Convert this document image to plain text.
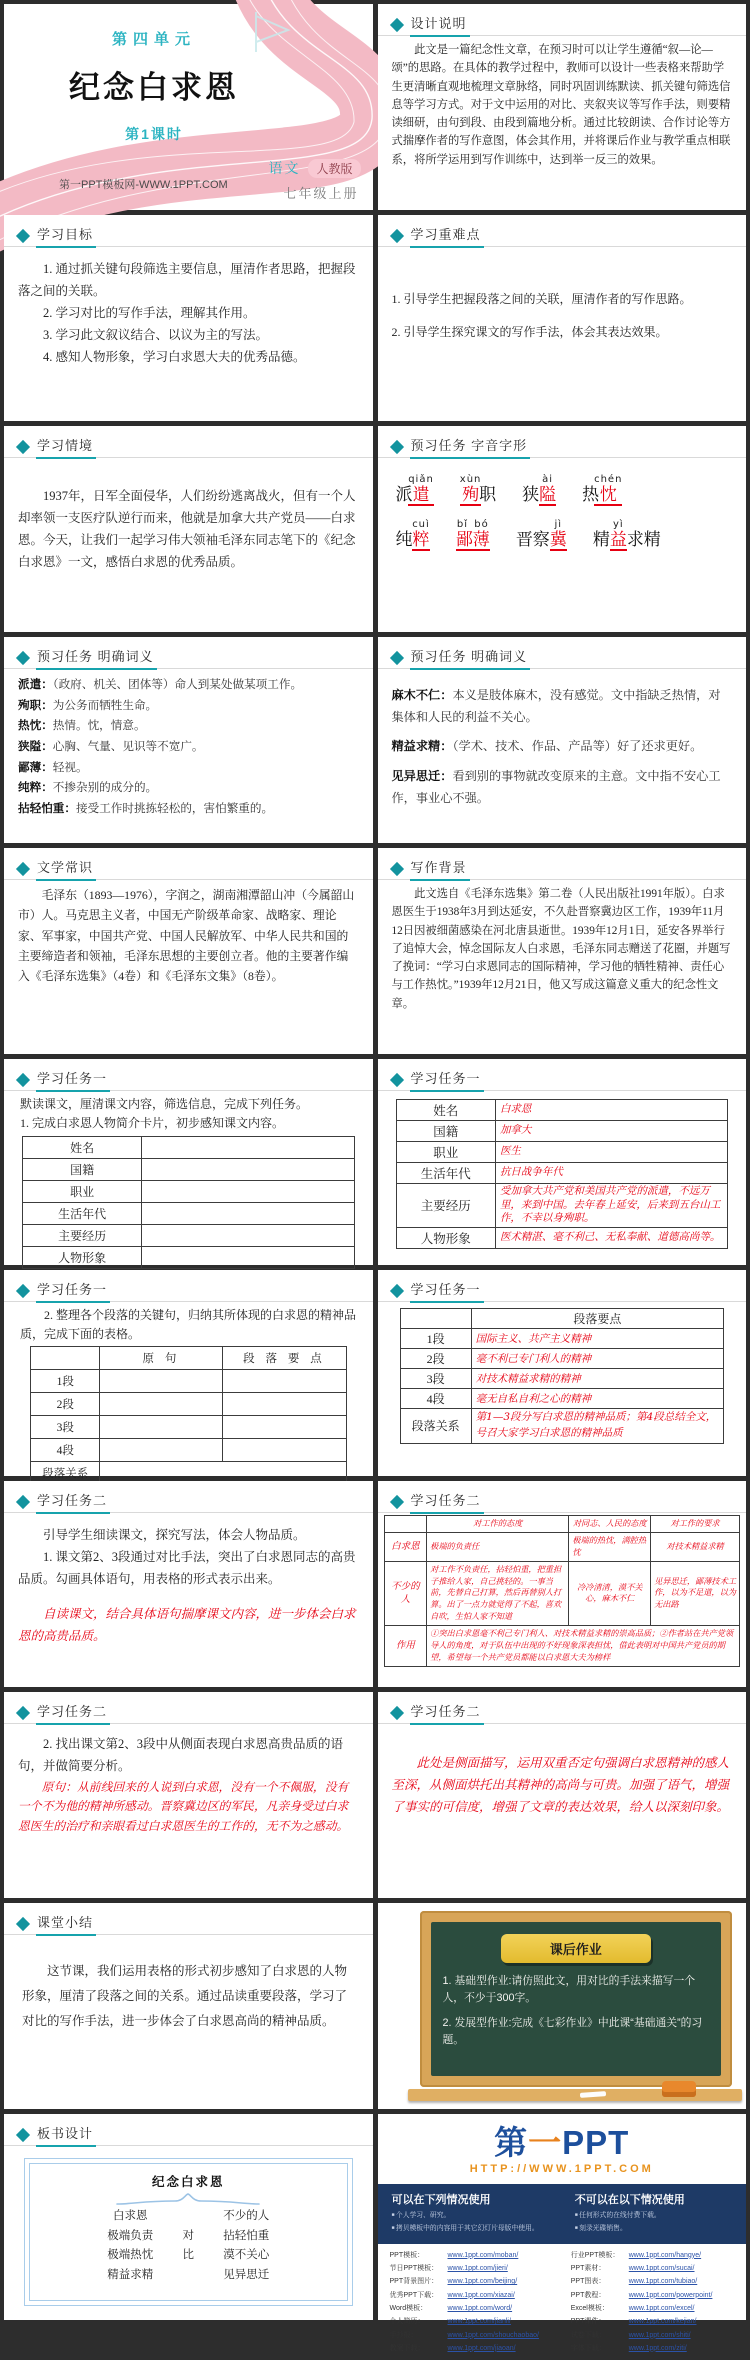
第四单元
纪念白求恩
第1课时
第一PPT模板网-WWW.1PPT.COM
语文	人教版
七年级上册
设计说明
此文是一篇纪念性文章，在预习时可以让学生遵循“叙—论—颂”的思路。在具体的教学过程中，教师可以设计一些表格来帮助学生更清晰直观地梳理文章脉络，同时巩固训练默读、抓关键句筛选信息等学习方式。对于文中运用的对比、夹叙夹议等写作手法，则要精读细研，由句到段、由段到篇地分析。通过比较朗读、合作讨论等方式揣摩作者的写作意图，体会其作用，并将课后作业与教学重点相联系，将所学运用到写作训练中，达到举一反三的效果。
学习目标
1. 通过抓关键句段筛选主要信息，厘清作者思路，把握段落之间的关联。
2. 学习对比的写作手法，理解其作用。
3. 学习此文叙议结合、以议为主的写法。
4. 感知人物形象，学习白求恩大夫的优秀品德。
学习重难点
1. 引导学生把握段落之间的关联，厘清作者的写作思路。
2. 引导学生探究课文的写作手法，体会其表达效果。
学习情境
1937年，日军全面侵华，人们纷纷逃离战火，但有一个人却率领一支医疗队逆行而来，他就是加拿大共产党员——白求恩。今天，让我们一起学习伟大领袖毛泽东同志笔下的《纪念白求恩》一文，感悟白求恩的优秀品质。
预习任务 字音字形
派遣qiǎn
殉xùn职 狭隘ài
热忱chén
纯粹cuì
鄙薄bǐ bó
晋察冀jì
精益yì求精
预习任务 明确词义
派遣：（政府、机关、团体等）命人到某处做某项工作。
殉职：为公务而牺牲生命。
热忱：热情。忱，情意。
狭隘：心胸、气量、见识等不宽广。
鄙薄：轻视。
纯粹：不掺杂别的成分的。
拈轻怕重：接受工作时挑拣轻松的，害怕繁重的。
预习任务 明确词义
麻木不仁：本义是肢体麻木，没有感觉。文中指缺乏热情，对集体和人民的利益不关心。
精益求精：（学术、技术、作品、产品等）好了还求更好。
见异思迁：看到别的事物就改变原来的主意。文中指不安心工作，事业心不强。
文学常识
毛泽东（1893—1976），字润之，湖南湘潭韶山冲（今属韶山市）人。马克思主义者，中国无产阶级革命家、战略家、理论家、军事家，中国共产党、中国人民解放军、中华人民共和国的主要缔造者和领袖，毛泽东思想的主要创立者。他的主要著作编入《毛泽东选集》（4卷）和《毛泽东文集》（8卷）。
写作背景
此文选自《毛泽东选集》第二卷（人民出版社1991年版）。白求恩医生于1938年3月到达延安，不久赴晋察冀边区工作，1939年11月12日因被细菌感染在河北唐县逝世。1939年12月1日，延安各界举行了追悼大会，悼念国际友人白求恩，毛泽东同志赠送了花圈，并题写了挽词：“学习白求恩同志的国际精神，学习他的牺牲精神、责任心与工作热忱。”1939年12月21日，他又写成这篇意义重大的纪念性文章。
学习任务一
默读课文，厘清课文内容，筛选信息，完成下列任务。
1. 完成白求恩人物简介卡片，初步感知课文内容。
姓名	
国籍	
职业	
生活年代	
主要经历	
人物形象	
学习任务一
姓名	白求恩
国籍	加拿大
职业	医生
生活年代	抗日战争年代
主要经历	受加拿大共产党和美国共产党的派遣，不远万里，来到中国。去年春上延安，后来到五台山工作，不幸以身殉职。
人物形象	医术精湛、毫不利己、无私奉献、道德高尚等。
学习任务一
2. 整理各个段落的关键句，归纳其所体现的白求恩的精神品质，完成下面的表格。
	原 句	段 落 要 点
1段		
2段		
3段		
4段		
段落关系		
学习任务一
	段落要点
1段	国际主义、共产主义精神
2段	毫不利己专门利人的精神
3段	对技术精益求精的精神
4段	毫无自私自利之心的精神
段落关系	第1—3段分写白求恩的精神品质；第4段总结全文，号召大家学习白求恩的精神品质
学习任务二
引导学生细读课文，探究写法，体会人物品质。
1. 课文第2、3段通过对比手法，突出了白求恩同志的高贵品质。勾画具体语句，用表格的形式表示出来。
自读课文，结合具体语句揣摩课文内容，进一步体会白求恩的高贵品质。
学习任务二
	对工作的态度	对同志、人民的态度	对工作的要求
白求恩	极端的负责任	极端的热忱，满腔热忱	对技术精益求精
不少的人	对工作不负责任，拈轻怕重，把重担子推给人家，自己挑轻的。一事当前，先替自己打算，然后再替别人打算。出了一点力就觉得了不起，喜欢自吹，生怕人家不知道	冷冷清清，漠不关心，麻木不仁	见异思迁，鄙薄技术工作，以为不足道，以为无出路
作用	①突出白求恩毫不利己专门利人、对技术精益求精的崇高品质；②作者站在共产党领导人的角度，对于队伍中出现的不好现象深表担忧，借此表明对中国共产党员的期望，希望每一个共产党员都能以白求恩大夫为榜样		
学习任务二
2. 找出课文第2、3段中从侧面表现白求恩高贵品质的语句，并做简要分析。
原句：从前线回来的人说到白求恩，没有一个不佩服，没有一个不为他的精神所感动。晋察冀边区的军民，凡亲身受过白求恩医生的治疗和亲眼看过白求恩医生的工作的，无不为之感动。
学习任务二
此处是侧面描写，运用双重否定句强调白求恩精神的感人至深，从侧面烘托出其精神的高尚与可贵。加强了语气，增强了事实的可信度，增强了文章的表达效果，给人以深刻印象。
课堂小结
这节课，我们运用表格的形式初步感知了白求恩的人物形象，厘清了段落之间的关系。通过品读重要段落，学习了对比的写作手法，进一步体会了白求恩高尚的精神品质。
课后作业
1. 基础型作业:请仿照此文，用对比的手法来描写一个人，不少于300字。
2. 发展型作业:完成《七彩作业》中此课“基础通关”的习题。
板书设计
纪念白求恩
白求恩	不少的人
极端负责	对	拈轻怕重
极端热忱	比	漠不关心
精益求精	见异思迁
第一PPT
HTTP://WWW.1PPT.COM
可以在下列情况使用
■ 个人学习、研究。
■ 拷贝模板中的内容用于其它幻灯片母版中使用。
不可以在以下情况使用
■ 任何形式的在线付费下载。
■ 刻录光碟销售。
PPT模板：	www.1ppt.com/moban/
节日PPT模板：	www.1ppt.com/jieri/
PPT背景图片：	www.1ppt.com/beijing/
优秀PPT下载：	www.1ppt.com/xiazai/
Word模板：	www.1ppt.com/word/
个人简历：	www.1ppt.com/jianli/
手抄报：	www.1ppt.com/shouchaobao/
教案下载：	www.1ppt.com/jiaoan/
行业PPT模板：	www.1ppt.com/hangye/
PPT素材：	www.1ppt.com/sucai/
PPT图表：	www.1ppt.com/tubiao/
PPT教程：	www.1ppt.com/powerpoint/
Excel模板：	www.1ppt.com/excel/
PPT课件：	www.1ppt.com/kejian/
试卷下载：	www.1ppt.com/shiti/
字体下载：	www.1ppt.com/ziti/
